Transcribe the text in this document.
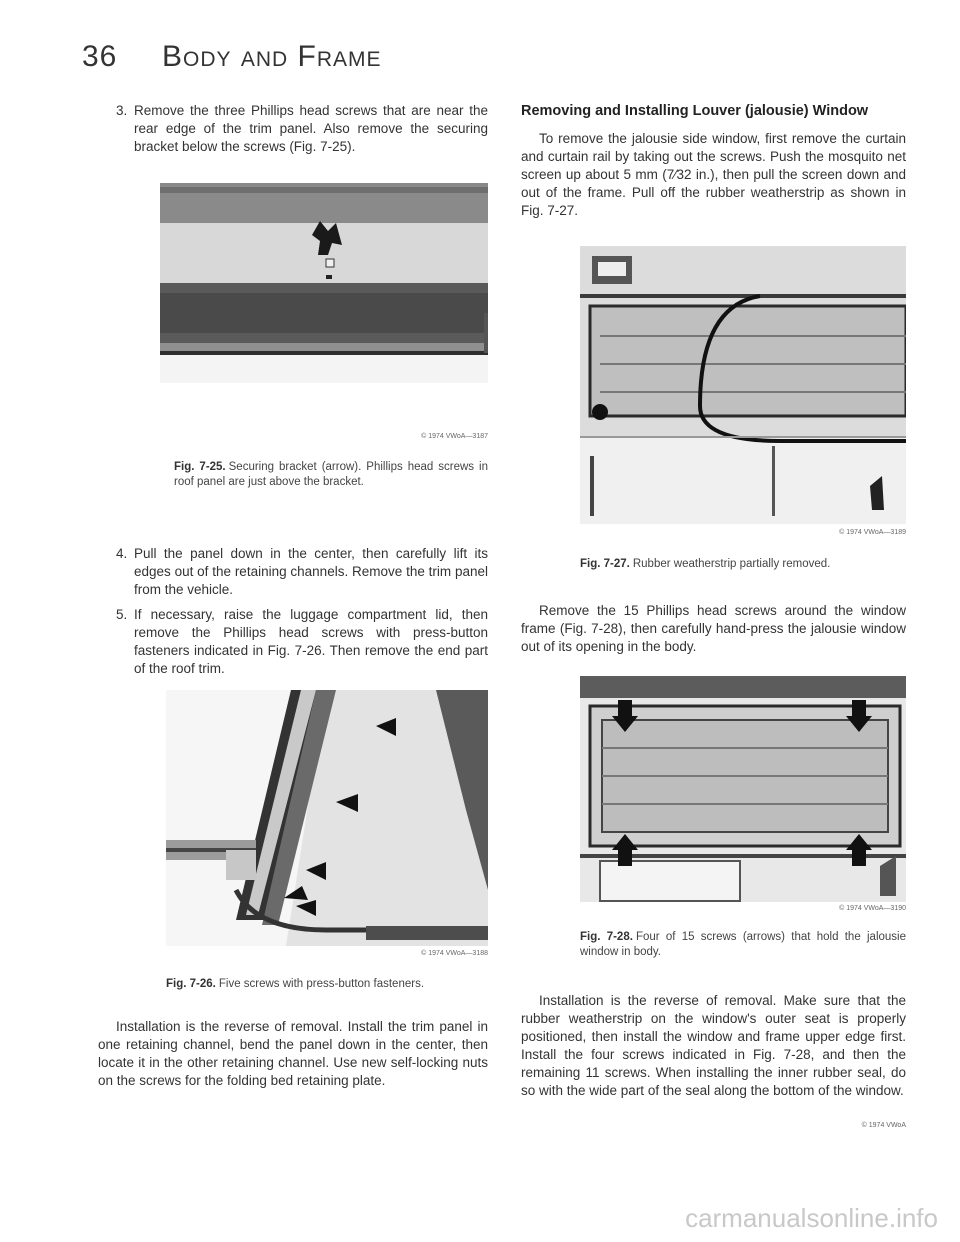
36 Body and Frame
3. Remove the three Phillips head screws that are near the rear edge of the trim panel. Also remove the securing bracket below the screws (Fig. 7-25).
© 1974 VWoA—3187
Fig. 7-25. Securing bracket (arrow). Phillips head screws in roof panel are just above the bracket.
4. Pull the panel down in the center, then carefully lift its edges out of the retaining channels. Remove the trim panel from the vehicle.
5. If necessary, raise the luggage compartment lid, then remove the Phillips head screws with press-button fasteners indicated in Fig. 7-26. Then remove the end part of the roof trim.
© 1974 VWoA—3188
Fig. 7-26. Five screws with press-button fasteners.
Installation is the reverse of removal. Install the trim panel in one retaining channel, bend the panel down in the center, then locate it in the other retaining channel. Use new self-locking nuts on the screws for the folding bed retaining plate.
Removing and Installing Louver (jalousie) Window
To remove the jalousie side window, first remove the curtain and curtain rail by taking out the screws. Push the mosquito net screen up about 5 mm (7⁄32 in.), then pull the screen down and out of the frame. Pull off the rubber weatherstrip as shown in Fig. 7-27.
© 1974 VWoA—3189
Fig. 7-27. Rubber weatherstrip partially removed.
Remove the 15 Phillips head screws around the window frame (Fig. 7-28), then carefully hand-press the jalousie window out of its opening in the body.
© 1974 VWoA—3190
Fig. 7-28. Four of 15 screws (arrows) that hold the jalousie window in body.
Installation is the reverse of removal. Make sure that the rubber weatherstrip on the window's outer seat is properly positioned, then install the window and frame upper edge first. Install the four screws indicated in Fig. 7-28, and then the remaining 11 screws. When installing the inner rubber seal, do so with the wide part of the seal along the bottom of the window.
© 1974 VWoA
carmanualsonline.info
